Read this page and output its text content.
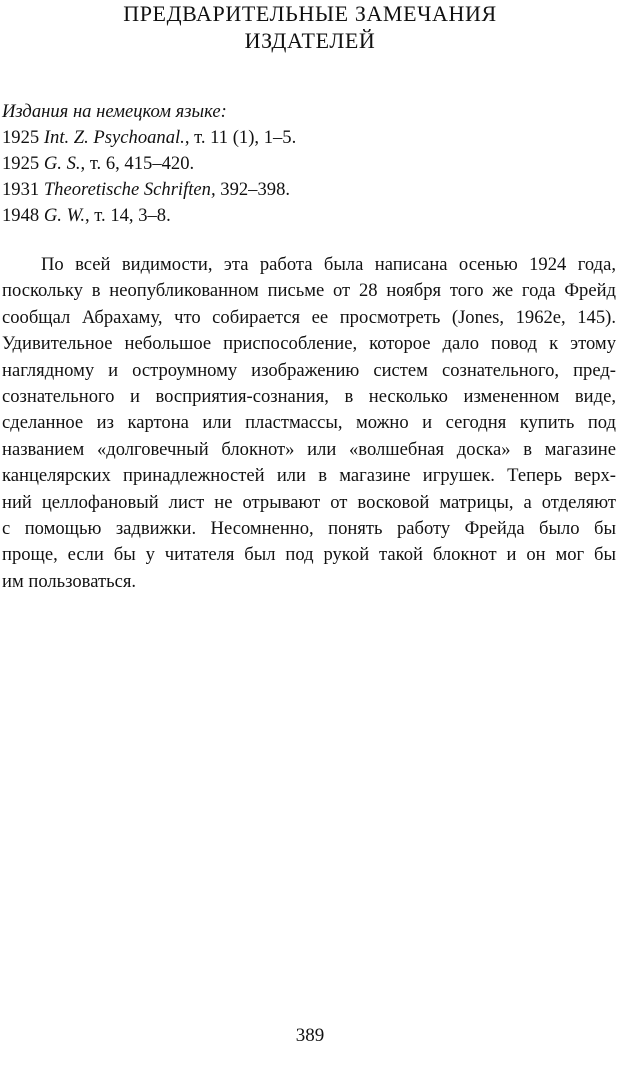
ПРЕДВАРИТЕЛЬНЫЕ ЗАМЕЧАНИЯ
ИЗДАТЕЛЕЙ
Издания на немецком языке:
1925 Int. Z. Psychoanal., т. 11 (1), 1–5.
1925 G. S., т. 6, 415–420.
1931 Theoretische Schriften, 392–398.
1948 G. W., т. 14, 3–8.
По всей видимости, эта работа была написана осенью 1924 года,
поскольку в неопубликованном письме от 28 ноября того же года Фрейд
сообщал Абрахаму, что собирается ее просмотреть (Jones, 1962e, 145).
Удивительное небольшое приспособление, которое дало повод к этому
наглядному и остроумному изображению систем сознательного, пред-
сознательного и восприятия-сознания, в несколько измененном виде,
сделанное из картона или пластмассы, можно и сегодня купить под
названием «долговечный блокнот» или «волшебная доска» в магазине
канцелярских принадлежностей или в магазине игрушек. Теперь верх-
ний целлофановый лист не отрывают от восковой матрицы, а отделяют
с помощью задвижки. Несомненно, понять работу Фрейда было бы
проще, если бы у читателя был под рукой такой блокнот и он мог бы
им пользоваться.
389
